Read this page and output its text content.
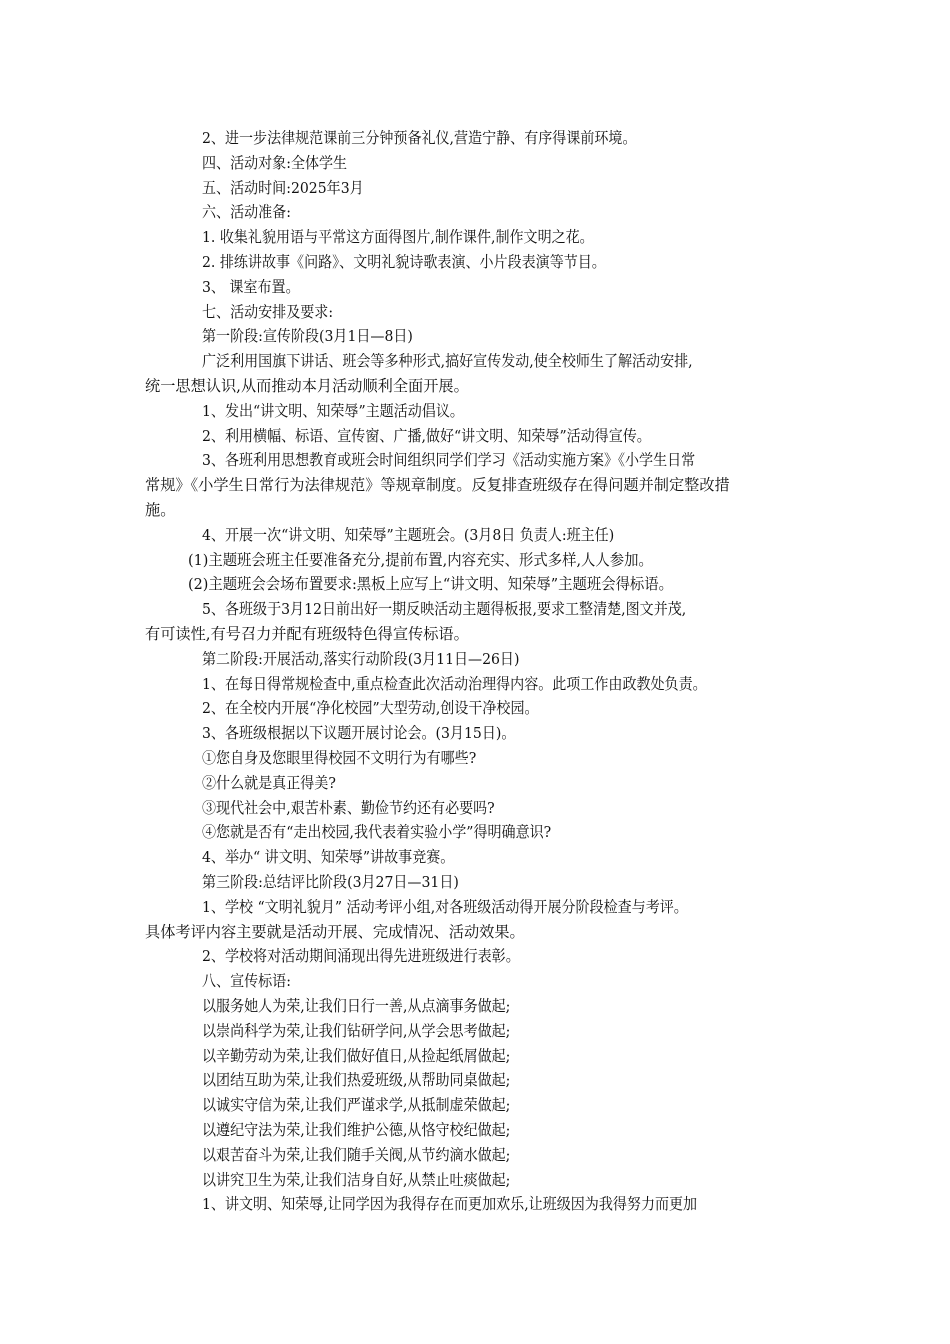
2、进一步法律规范课前三分钟预备礼仪,营造宁静、有序得课前环境。
四、活动对象:全体学生
五、活动时间:2025年3月
六、活动准备:
1. 收集礼貌用语与平常这方面得图片,制作课件,制作文明之花。
2. 排练讲故事《问路》、文明礼貌诗歌表演、小片段表演等节目。
3、 课室布置。
七、活动安排及要求:
第一阶段:宣传阶段(3月1日—8日)
广泛利用国旗下讲话、班会等多种形式,搞好宣传发动,使全校师生了解活动安排,
统一思想认识,从而推动本月活动顺利全面开展。
1、发出“讲文明、知荣辱”主题活动倡议。
2、利用横幅、标语、宣传窗、广播,做好“讲文明、知荣辱”活动得宣传。
3、各班利用思想教育或班会时间组织同学们学习《活动实施方案》《小学生日常
常规》《小学生日常行为法律规范》等规章制度。反复排查班级存在得问题并制定整改措
施。
4、开展一次“讲文明、知荣辱”主题班会。(3月8日 负责人:班主任)
(1)主题班会班主任要准备充分,提前布置,内容充实、形式多样,人人参加。
(2)主题班会会场布置要求:黑板上应写上“讲文明、知荣辱”主题班会得标语。
5、各班级于3月12日前出好一期反映活动主题得板报,要求工整清楚,图文并茂,
有可读性,有号召力并配有班级特色得宣传标语。
第二阶段:开展活动,落实行动阶段(3月11日—26日)
1、在每日得常规检查中,重点检查此次活动治理得内容。此项工作由政教处负责。
2、在全校内开展“净化校园”大型劳动,创设干净校园。
3、各班级根据以下议题开展讨论会。(3月15日)。
①您自身及您眼里得校园不文明行为有哪些?
②什么就是真正得美?
③现代社会中,艰苦朴素、勤俭节约还有必要吗?
④您就是否有“走出校园,我代表着实验小学”得明确意识?
4、举办“ 讲文明、知荣辱”讲故事竞赛。
第三阶段:总结评比阶段(3月27日—31日)
1、学校 “文明礼貌月” 活动考评小组,对各班级活动得开展分阶段检查与考评。
具体考评内容主要就是活动开展、完成情况、活动效果。
2、学校将对活动期间涌现出得先进班级进行表彰。
八、宣传标语:
以服务她人为荣,让我们日行一善,从点滴事务做起;
以崇尚科学为荣,让我们钻研学问,从学会思考做起;
以辛勤劳动为荣,让我们做好值日,从捡起纸屑做起;
以团结互助为荣,让我们热爱班级,从帮助同桌做起;
以诚实守信为荣,让我们严谨求学,从抵制虚荣做起;
以遵纪守法为荣,让我们维护公德,从恪守校纪做起;
以艰苦奋斗为荣,让我们随手关阀,从节约滴水做起;
以讲究卫生为荣,让我们洁身自好,从禁止吐痰做起;
1、讲文明、知荣辱,让同学因为我得存在而更加欢乐,让班级因为我得努力而更加
